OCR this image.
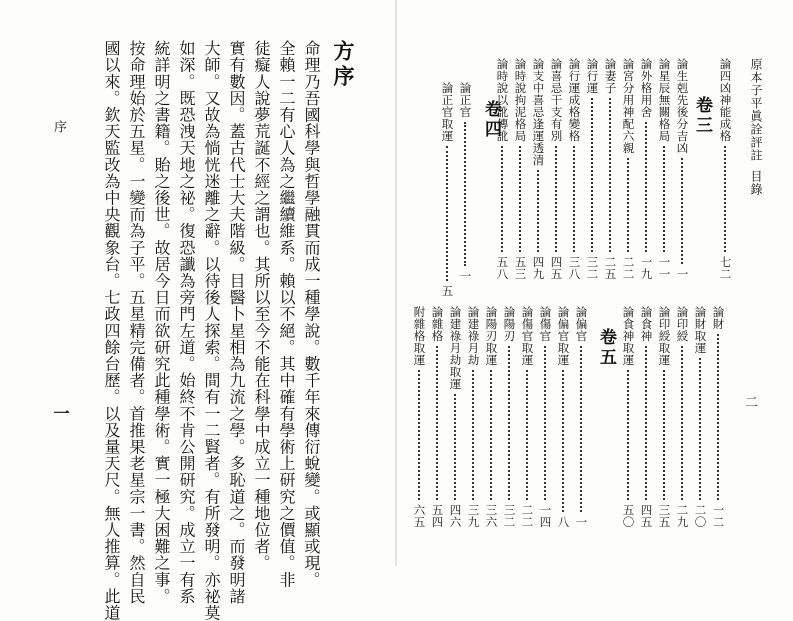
方序
命理乃吾國科學與哲學融貫而成一種學說。數千年來傳衍蛻變。或顯或現。
全賴一二有心人為之繼續維系。賴以不絕。其中確有學術上研究之價值。非
徒癡人說夢荒誕不經之謂也。其所以至今不能在科學中成立一種地位者。
實有數因。蓋古代士大夫階級。目醫卜星相為九流之學。多恥道之。而發明諸
大師。又故為惝恍迷離之辭。以待後人探索。間有一二賢者。有所發明。亦祕莫
如深。既恐洩天地之祕。復恐讖為旁門左道。始終不肯公開研究。成立一有系
統詳明之書籍。貽之後世。故居今日而欲研究此種學術。實一極大困難之事。
按命理始於五星。一變而為子平。五星精完備者。首推果老星宗一書。然自民
國以來。欽天監改為中央觀象台。七政四餘台歷。以及量天尺。無人推算。此道
序
一
原本子平眞詮評註
目錄
二
論四凶神能成格
七二
卷三
論生剋先後分吉凶
一
論星辰無關格局
一一
論外格用舍
一九
論宮分用神配六親
二二
論妻子
二五
論行運
三二
論行運成格變格
三八
論喜忌干支有別
四五
論支中喜忌逢運透清
四九
論時說拘泥格局
五三
論時說以訛傳訛
五八
卷四
論正官
一
論正官取運
五
論財
一二
論財取運
二〇
論印綬
二九
論印綬取運
三五
論食神
四五
論食神取運
五〇
卷五
論偏官
一
論偏官取運
八
論傷官
一四
論傷官取運
二二
論陽刃
三二
論陽刃取運
三六
論建祿月劫
三九
論建祿月劫取運
四六
論雜格
五四
附雜格取運
六五
